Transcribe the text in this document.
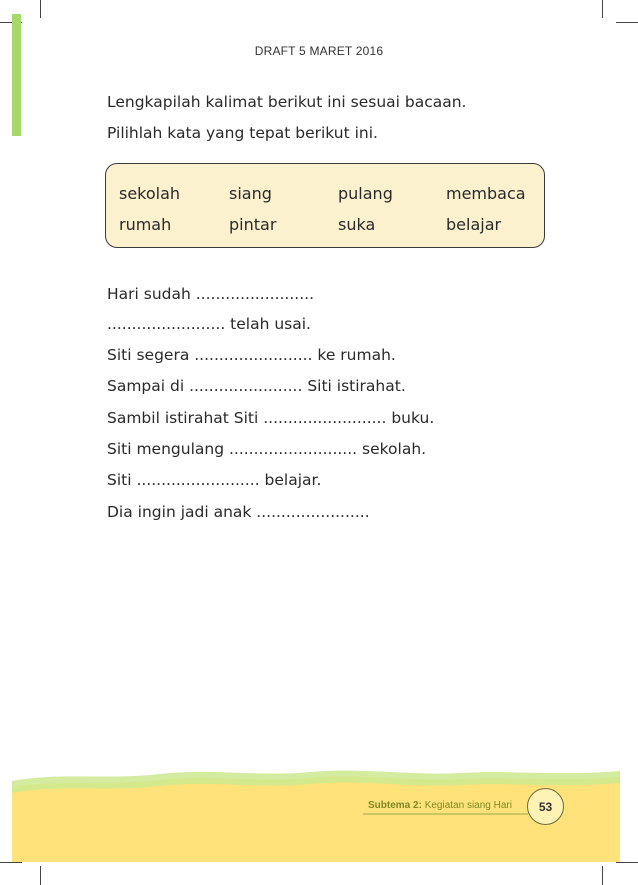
DRAFT 5 MARET 2016
Lengkapilah kalimat berikut ini sesuai bacaan.
Pilihlah kata yang tepat berikut ini.
sekolah	siang	pulang	membaca
rumah	pintar	suka	belajar
Hari sudah ........................
........................ telah usai.
Siti segera ........................ ke rumah.
Sampai di ....................... Siti istirahat.
Sambil istirahat Siti ......................... buku.
Siti mengulang .......................... sekolah.
Siti ......................... belajar.
Dia ingin jadi anak .......................
Subtema 2: Kegiatan siang Hari	53
